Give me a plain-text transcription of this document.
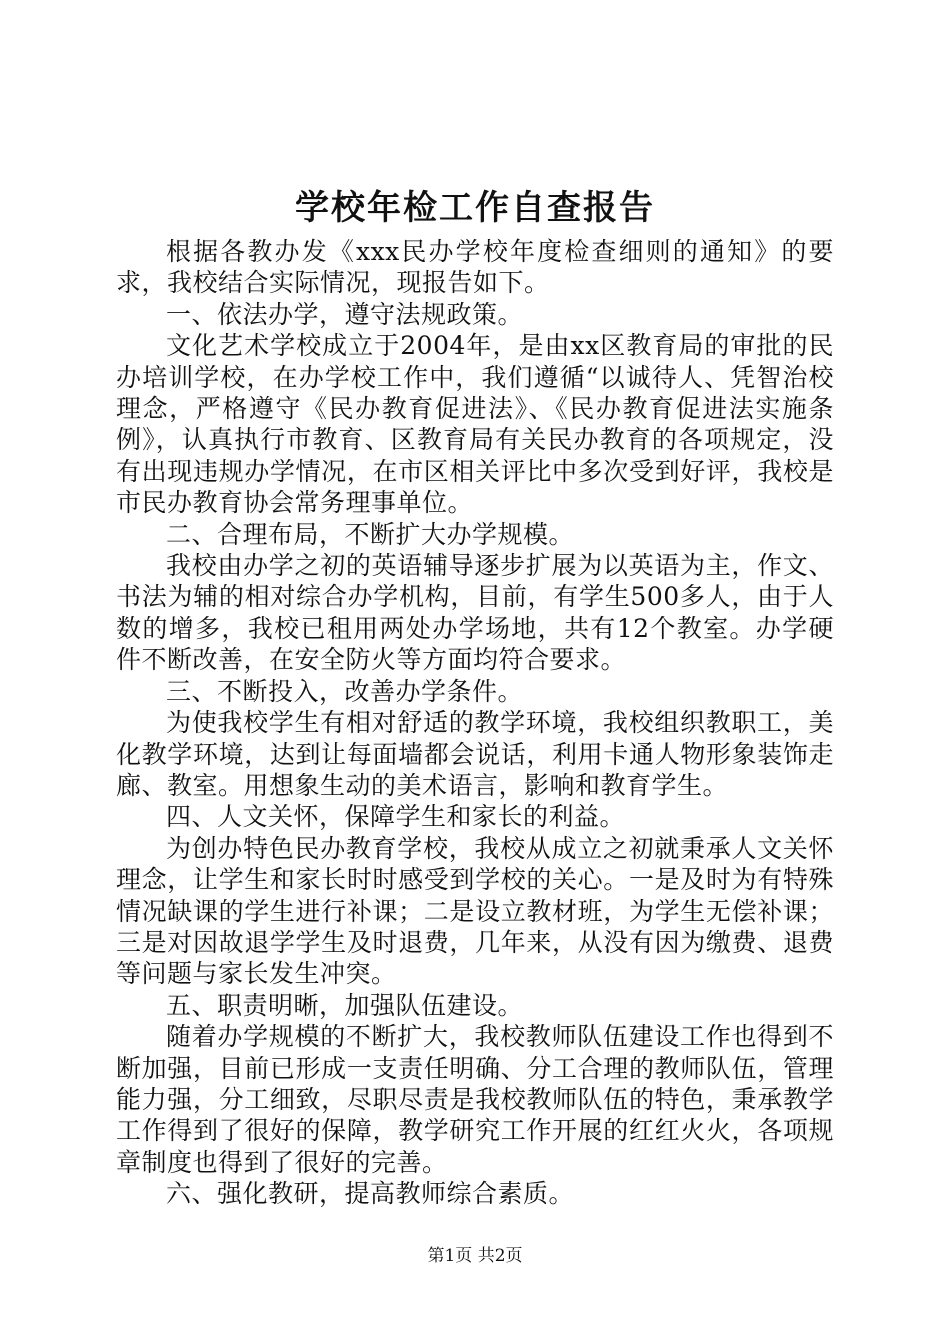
学校年检工作自查报告

根据各教办发《xxx民办学校年度检查细则的通知》的要求，我校结合实际情况，现报告如下。

一、依法办学，遵守法规政策。

文化艺术学校成立于2004年，是由xx区教育局的审批的民办培训学校，在办学校工作中，我们遵循“以诚待人、凭智治校理念，严格遵守《民办教育促进法》、《民办教育促进法实施条例》，认真执行市教育、区教育局有关民办教育的各项规定，没有出现违规办学情况，在市区相关评比中多次受到好评，我校是市民办教育协会常务理事单位。

二、合理布局，不断扩大办学规模。

我校由办学之初的英语辅导逐步扩展为以英语为主，作文、书法为辅的相对综合办学机构，目前，有学生500多人，由于人数的增多，我校已租用两处办学场地，共有12个教室。办学硬件不断改善，在安全防火等方面均符合要求。

三、不断投入，改善办学条件。

为使我校学生有相对舒适的教学环境，我校组织教职工，美化教学环境，达到让每面墙都会说话，利用卡通人物形象装饰走廊、教室。用想象生动的美术语言，影响和教育学生。

四、人文关怀，保障学生和家长的利益。

为创办特色民办教育学校，我校从成立之初就秉承人文关怀理念，让学生和家长时时感受到学校的关心。一是及时为有特殊情况缺课的学生进行补课；二是设立教材班，为学生无偿补课；三是对因故退学学生及时退费，几年来，从没有因为缴费、退费等问题与家长发生冲突。

五、职责明晰，加强队伍建设。

随着办学规模的不断扩大，我校教师队伍建设工作也得到不断加强，目前已形成一支责任明确、分工合理的教师队伍，管理能力强，分工细致，尽职尽责是我校教师队伍的特色，秉承教学工作得到了很好的保障，教学研究工作开展的红红火火，各项规章制度也得到了很好的完善。

六、强化教研，提高教师综合素质。

第1页 共2页
